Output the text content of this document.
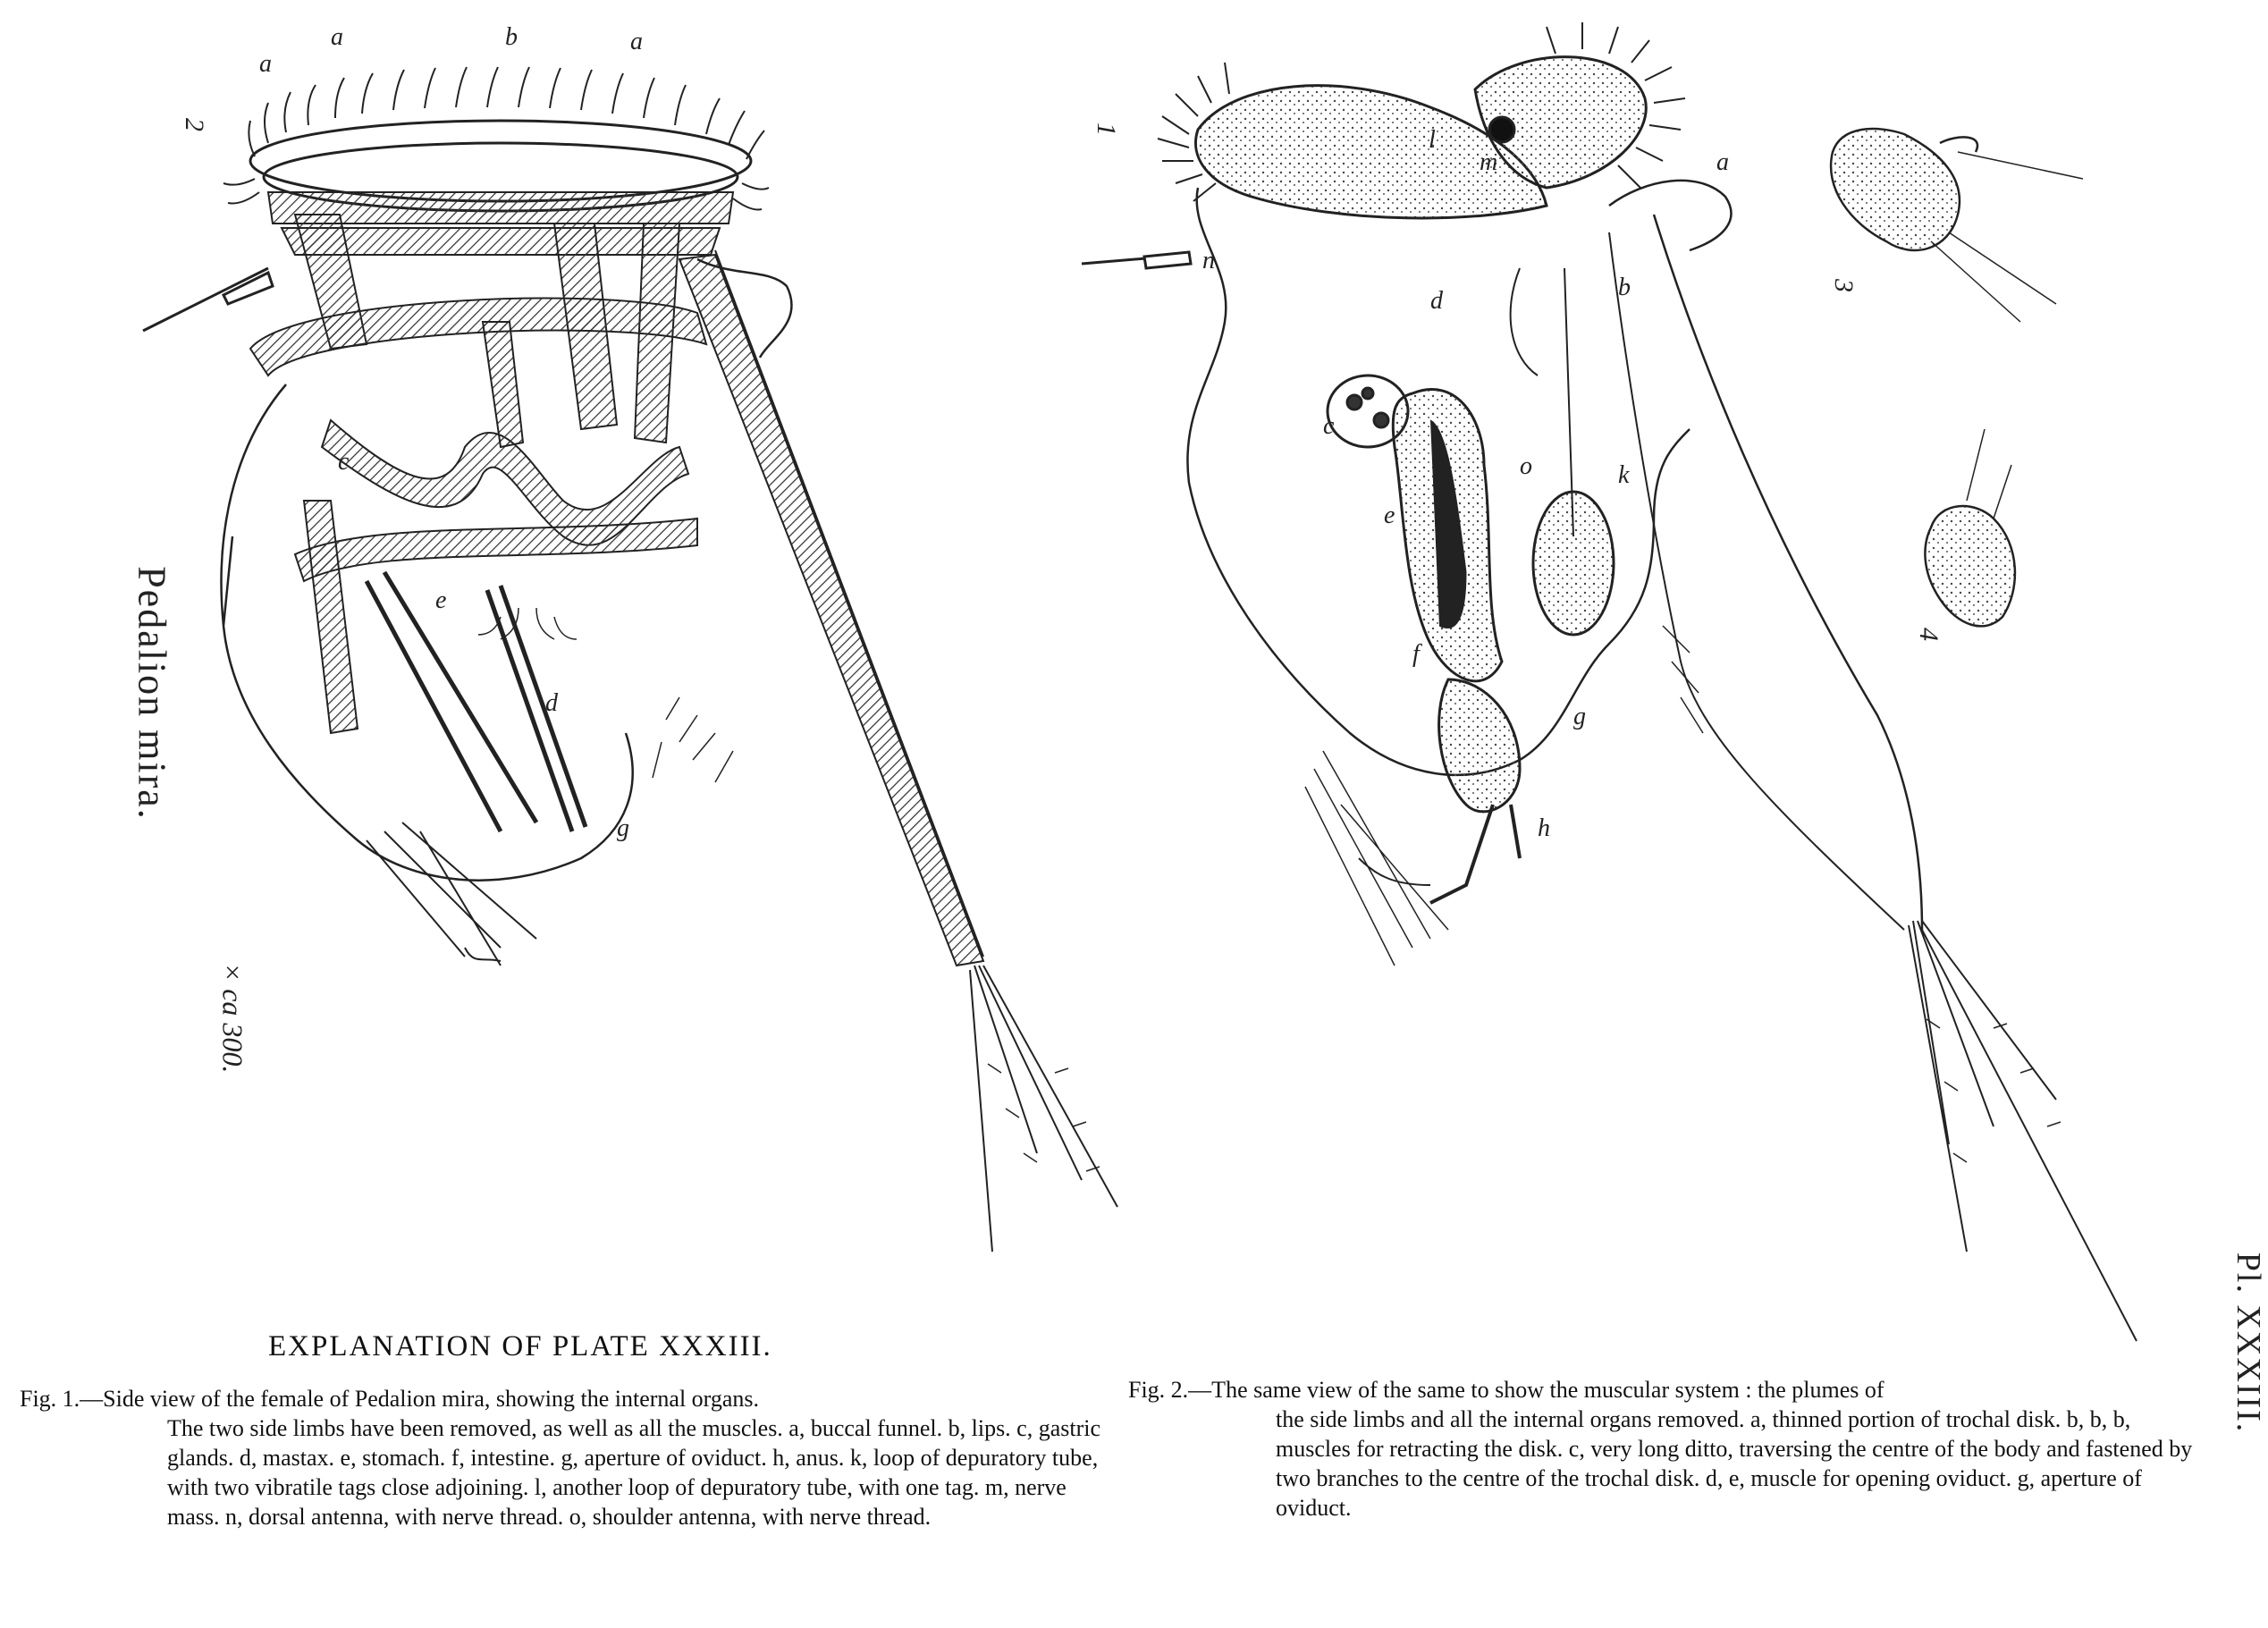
1
2
3
4
a
a	b	a
c
d
e
g
l
m	a
b
n
d
c
o	k
e
f
g
h
Pedalion mira.
× ca 300.
Pl. XXXIII.
EXPLANATION OF PLATE XXXIII.
Fig. 1.—Side view of the female of Pedalion mira, showing the internal organs.
The two side limbs have been removed, as well as all the muscles. a, buccal funnel. b, lips. c, gastric glands. d, mastax. e, stomach. f, intestine. g, aperture of oviduct. h, anus. k, loop of depuratory tube, with two vibratile tags close adjoining. l, another loop of depuratory tube, with one tag. m, nerve mass. n, dorsal antenna, with nerve thread. o, shoulder antenna, with nerve thread.
Fig. 2.—The same view of the same to show the muscular system : the plumes of
the side limbs and all the internal organs removed. a, thinned portion of trochal disk. b, b, b, muscles for retracting the disk. c, very long ditto, traversing the centre of the body and fastened by two branches to the centre of the trochal disk. d, e, muscle for opening oviduct. g, aperture of oviduct.
